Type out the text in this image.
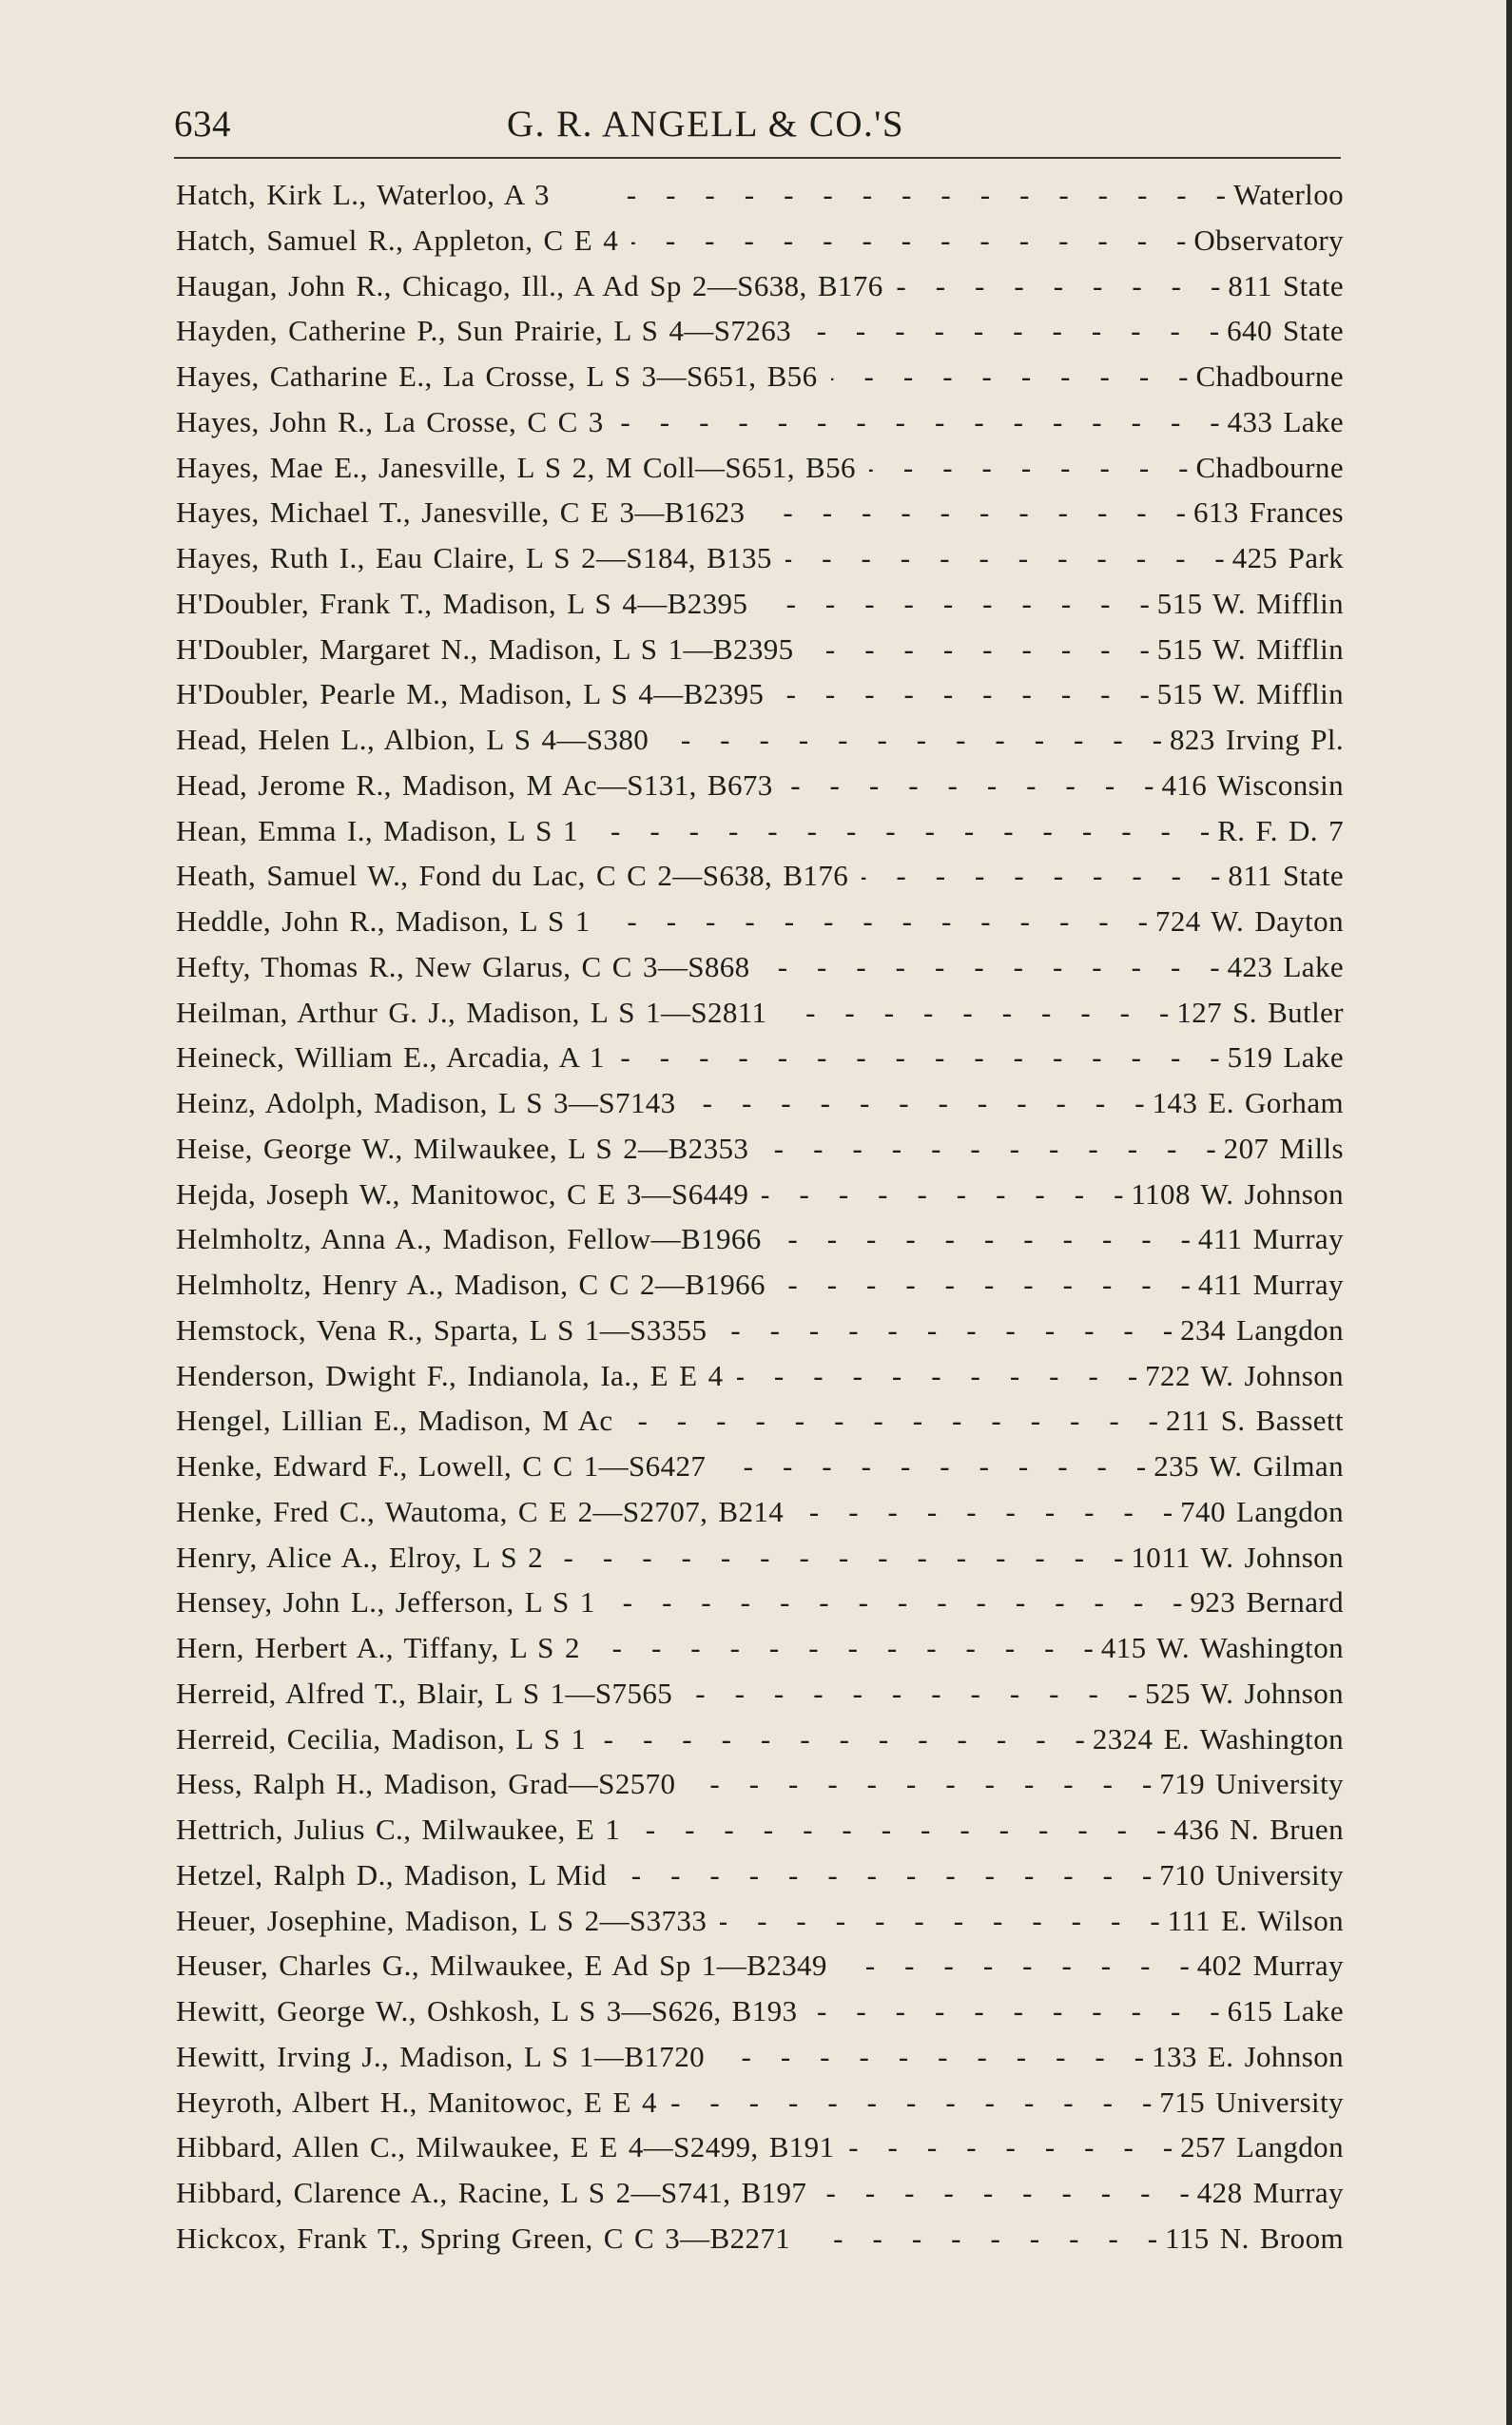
634	G. R. ANGELL & CO.'S
Hatch, Kirk L., Waterloo, A 3 -	Waterloo
Hatch, Samuel R., Appleton, C E 4 -	Observatory
Haugan, John R., Chicago, Ill., A Ad Sp 2—S638, B176 -	811 State
Hayden, Catherine P., Sun Prairie, L S 4—S7263 -	640 State
Hayes, Catharine E., La Crosse, L S 3—S651, B56 -	Chadbourne
Hayes, John R., La Crosse, C C 3 -	433 Lake
Hayes, Mae E., Janesville, L S 2, M Coll—S651, B56 -	Chadbourne
Hayes, Michael T., Janesville, C E 3—B1623 -	613 Frances
Hayes, Ruth I., Eau Claire, L S 2—S184, B135 -	425 Park
H'Doubler, Frank T., Madison, L S 4—B2395 -	515 W. Mifflin
H'Doubler, Margaret N., Madison, L S 1—B2395 -	515 W. Mifflin
H'Doubler, Pearle M., Madison, L S 4—B2395 -	515 W. Mifflin
Head, Helen L., Albion, L S 4—S380 -	823 Irving Pl.
Head, Jerome R., Madison, M Ac—S131, B673 -	416 Wisconsin
Hean, Emma I., Madison, L S 1 -	R. F. D. 7
Heath, Samuel W., Fond du Lac, C C 2—S638, B176 -	811 State
Heddle, John R., Madison, L S 1 -	724 W. Dayton
Hefty, Thomas R., New Glarus, C C 3—S868 -	423 Lake
Heilman, Arthur G. J., Madison, L S 1—S2811 -	127 S. Butler
Heineck, William E., Arcadia, A 1 -	519 Lake
Heinz, Adolph, Madison, L S 3—S7143 -	143 E. Gorham
Heise, George W., Milwaukee, L S 2—B2353 -	207 Mills
Hejda, Joseph W., Manitowoc, C E 3—S6449 -	1108 W. Johnson
Helmholtz, Anna A., Madison, Fellow—B1966 -	411 Murray
Helmholtz, Henry A., Madison, C C 2—B1966 -	411 Murray
Hemstock, Vena R., Sparta, L S 1—S3355 -	234 Langdon
Henderson, Dwight F., Indianola, Ia., E E 4 -	722 W. Johnson
Hengel, Lillian E., Madison, M Ac -	211 S. Bassett
Henke, Edward F., Lowell, C C 1—S6427 -	235 W. Gilman
Henke, Fred C., Wautoma, C E 2—S2707, B214 -	740 Langdon
Henry, Alice A., Elroy, L S 2 -	1011 W. Johnson
Hensey, John L., Jefferson, L S 1 -	923 Bernard
Hern, Herbert A., Tiffany, L S 2 -	415 W. Washington
Herreid, Alfred T., Blair, L S 1—S7565 -	525 W. Johnson
Herreid, Cecilia, Madison, L S 1 -	2324 E. Washington
Hess, Ralph H., Madison, Grad—S2570 -	719 University
Hettrich, Julius C., Milwaukee, E 1 -	436 N. Bruen
Hetzel, Ralph D., Madison, L Mid -	710 University
Heuer, Josephine, Madison, L S 2—S3733 -	111 E. Wilson
Heuser, Charles G., Milwaukee, E Ad Sp 1—B2349 -	402 Murray
Hewitt, George W., Oshkosh, L S 3—S626, B193 -	615 Lake
Hewitt, Irving J., Madison, L S 1—B1720 -	133 E. Johnson
Heyroth, Albert H., Manitowoc, E E 4 -	715 University
Hibbard, Allen C., Milwaukee, E E 4—S2499, B191 -	257 Langdon
Hibbard, Clarence A., Racine, L S 2—S741, B197 -	428 Murray
Hickcox, Frank T., Spring Green, C C 3—B2271 -	115 N. Broom
